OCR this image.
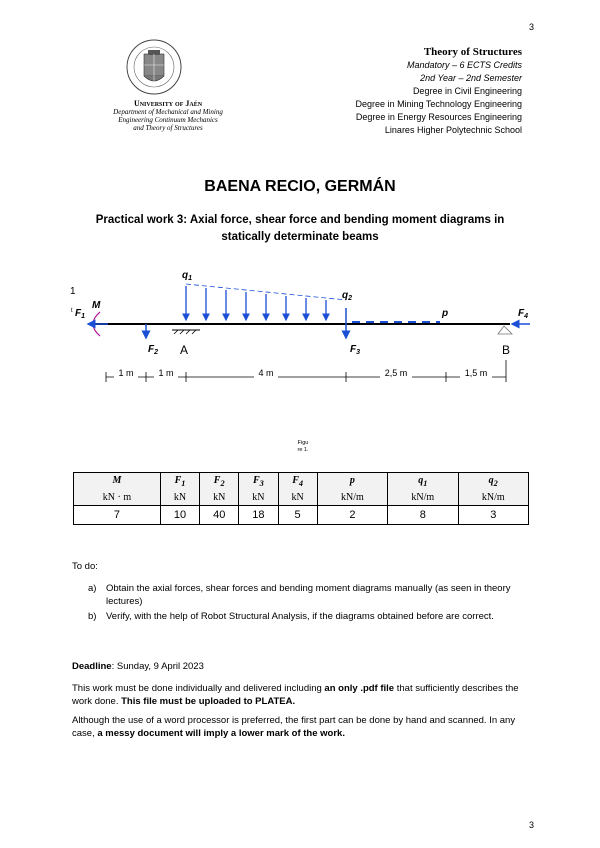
3
University of Jaén
Department of Mechanical and Mining
Engineering Continuum Mechanics
and Theory of Structures
Theory of Structures
Mandatory – 6 ECTS Credits
2nd Year – 2nd Semester
Degree in Civil Engineering
Degree in Mining Technology Engineering
Degree in Energy Resources Engineering
Linares Higher Polytechnic School
BAENA RECIO, GERMÁN
Practical work 3: Axial force, shear force and bending moment diagrams in
statically determinate beams
1
t M
$F_1$
$F_2$ A
$q_1$
$q_2$
$F_3$
p	$F_4$
B
1 m	1 m	4 m	2,5 m	1,5 m
Figu
re 1.
M	$F_1$	$F_2$	$F_3$	$F_4$	p	$q_1$	$q_2$
kN · m	kN	kN	kN	kN	kN/m	kN/m	kN/m
7	10	40	18	5	2	8	3
To do:
a) Obtain the axial forces, shear forces and bending moment diagrams manually (as seen in theory lectures)
b) Verify, with the help of Robot Structural Analysis, if the diagrams obtained before are correct.
Deadline: Sunday, 9 April 2023
This work must be done individually and delivered including an only .pdf file that sufficiently describes the work done. This file must be uploaded to PLATEA.
Although the use of a word processor is preferred, the first part can be done by hand and scanned. In any case, a messy document will imply a lower mark of the work.
3
